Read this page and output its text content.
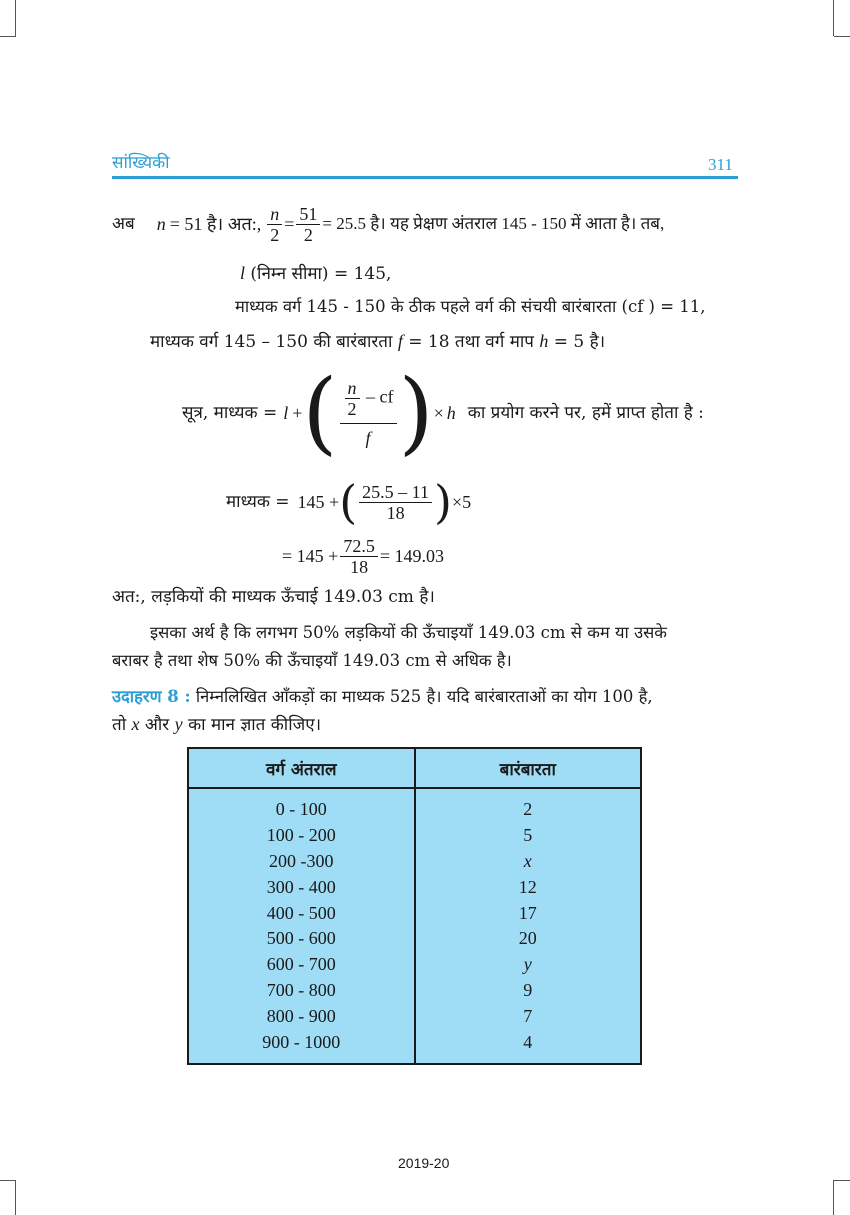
सांख्यिकी	311
अब n = 51 है। अत:, $\frac{n}{2} = \frac{51}{2} = 25.5$ है। यह प्रेक्षण अंतराल 145 - 150 में आता है। तब,
l (निम्न सीमा) = 145,
माध्यक वर्ग 145 - 150 के ठीक पहले वर्ग की संचयी बारंबारता (cf ) = 11,
माध्यक वर्ग 145 – 150 की बारंबारता f = 18 तथा वर्ग माप h = 5 है।
सूत्र, माध्यक = l + ( $\frac{\frac{n}{2} - cf}{f}$ ) × h का प्रयोग करने पर, हमें प्राप्त होता है :
माध्यक = 145 + ( $\frac{25.5 - 11}{18}$ ) ×5
= $145 + \frac{72.5}{18} = 149.03$
अत:, लड़कियों की माध्यक ऊँचाई 149.03 cm है।
इसका अर्थ है कि लगभग 50% लड़कियों की ऊँचाइयाँ 149.03 cm से कम या उसके
बराबर है तथा शेष 50% की ऊँचाइयाँ 149.03 cm से अधिक है।
उदाहरण 8 : निम्नलिखित आँकड़ों का माध्यक 525 है। यदि बारंबारताओं का योग 100 है,
तो x और y का मान ज्ञात कीजिए।
वर्ग अंतराल	बारंबारता
0 - 100	2
100 - 200	5
200 -300	x
300 - 400	12
400 - 500	17
500 - 600	20
600 - 700	y
700 - 800	9
800 - 900	7
900 - 1000	4
2019-20
